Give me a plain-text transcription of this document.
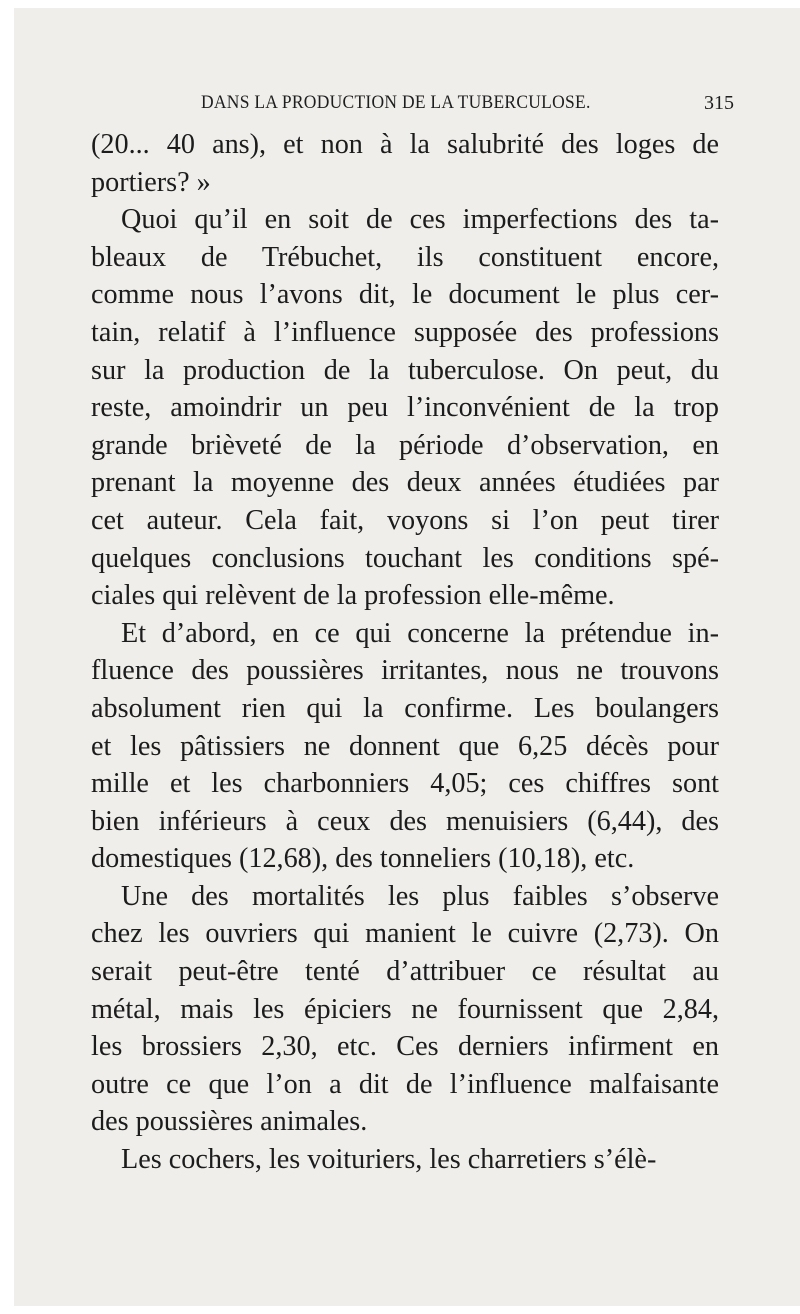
DANS LA PRODUCTION DE LA TUBERCULOSE.	315

(20... 40 ans), et non à la salubrité des loges de
portiers? »

Quoi qu’il en soit de ces imperfections des ta-
bleaux de Trébuchet, ils constituent encore,
comme nous l’avons dit, le document le plus cer-
tain, relatif à l’influence supposée des professions
sur la production de la tuberculose. On peut, du
reste, amoindrir un peu l’inconvénient de la trop
grande brièveté de la période d’observation, en
prenant la moyenne des deux années étudiées par
cet auteur. Cela fait, voyons si l’on peut tirer
quelques conclusions touchant les conditions spé-
ciales qui relèvent de la profession elle-même.

Et d’abord, en ce qui concerne la prétendue in-
fluence des poussières irritantes, nous ne trouvons
absolument rien qui la confirme. Les boulangers
et les pâtissiers ne donnent que 6,25 décès pour
mille et les charbonniers 4,05; ces chiffres sont
bien inférieurs à ceux des menuisiers (6,44), des
domestiques (12,68), des tonneliers (10,18), etc.

Une des mortalités les plus faibles s’observe
chez les ouvriers qui manient le cuivre (2,73). On
serait peut-être tenté d’attribuer ce résultat au
métal, mais les épiciers ne fournissent que 2,84,
les brossiers 2,30, etc. Ces derniers infirment en
outre ce que l’on a dit de l’influence malfaisante
des poussières animales.

Les cochers, les voituriers, les charretiers s’élè-
